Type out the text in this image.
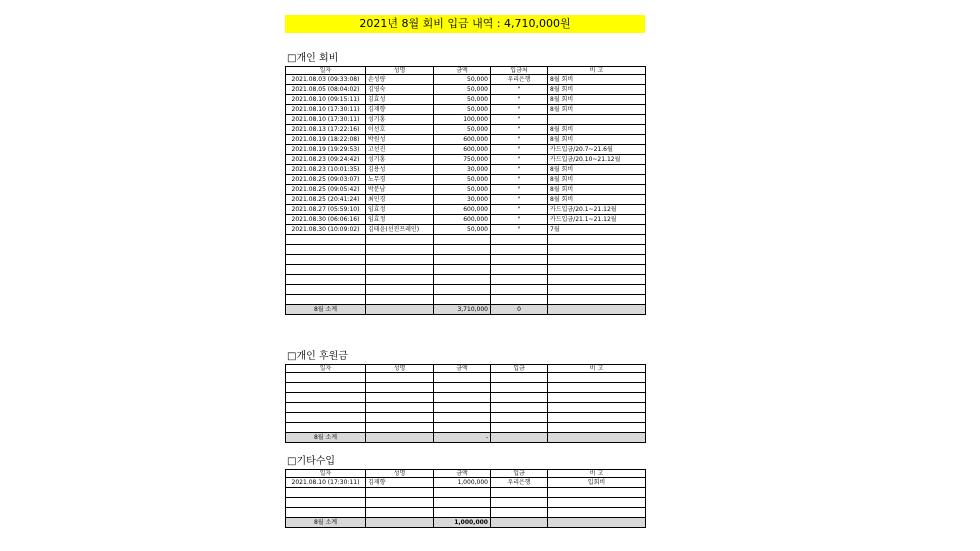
2021년 8월 회비 입금 내역 : 4,710,000원
□개인 회비
일자	성명	금액	입금처	비 고
2021.08.03 (09:33:08)	손성량	50,000	우리은행	8월 회비
2021.08.05 (08:04:02)	김영숙	50,000	"	8월 회비
2021.08.10 (09:15:11)	김효성	50,000	"	8월 회비
2021.08.10 (17:30:11)	김재향	50,000	"	8월 회비
2021.08.10 (17:30:11)	성기홍	100,000	"	
2021.08.13 (17:22:16)	이선호	50,000	"	8월 회비
2021.08.19 (18:22:08)	박원성	600,000	"	8월 회비
2021.08.19 (19:29:53)	고선진	600,000	"	카드입금/20.7~21.6월
2021.08.23 (09:24:42)	성기홍	750,000	"	카드입금/20.10~21.12월
2021.08.23 (10:01:35)	김용성	30,000	"	8월 회비
2021.08.25 (09:03:07)	노무경	50,000	"	8월 회비
2021.08.25 (09:05:42)	박분남	50,000	"	8월 회비
2021.08.25 (20:41:24)	최인경	30,000	"	8월 회비
2021.08.27 (05:59:10)	임효정	600,000	"	카드입금/20.1~21.12월
2021.08.30 (06:06:16)	임효정	600,000	"	카드입금/21.1~21.12월
2021.08.30 (10:09:02)	김태윤(선진프레인)	50,000	"	7월

8월 소계		3,710,000	0	
□개인 후원금
일자	성명	금액	입금	비 고

8월 소계		-		
□기타수입
일자	성명	금액	입금	비 고
2021.08.10 (17:30:11)	김재향	1,000,000	우리은행	입회비

8월 소계		1,000,000		
